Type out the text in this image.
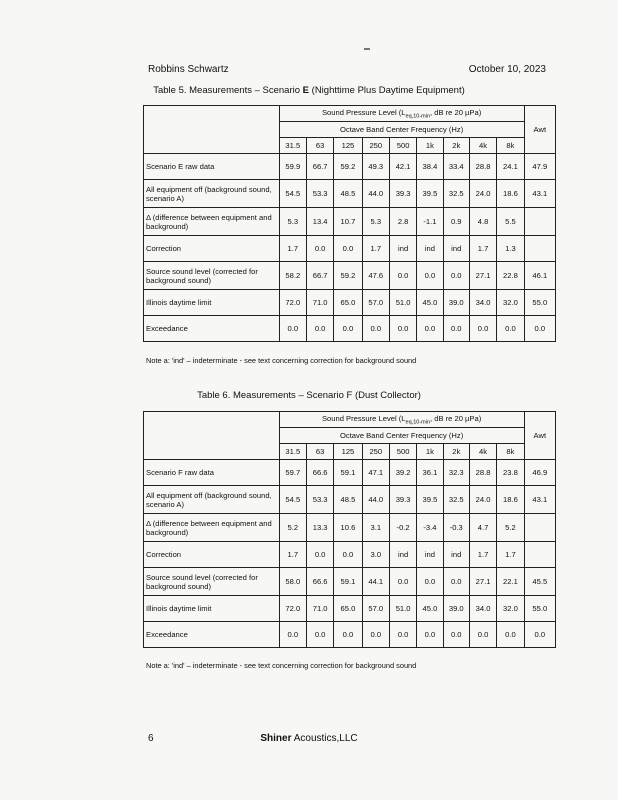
Robbins Schwartz	October 10, 2023
Table 5. Measurements – Scenario E (Nighttime Plus Daytime Equipment)
	Sound Pressure Level ($L_{eq,10-min}$, dB re 20 µPa)									Awt
	Octave Band Center Frequency (Hz)									
	31.5	63	125	250	500	1k	2k	4k	8k	
Scenario E raw data	59.9	66.7	59.2	49.3	42.1	38.4	33.4	28.8	24.1	47.9
All equipment off (background sound, scenario A)	54.5	53.3	48.5	44.0	39.3	39.5	32.5	24.0	18.6	43.1
Δ (difference between equipment and background)	5.3	13.4	10.7	5.3	2.8	-1.1	0.9	4.8	5.5	
Correction	1.7	0.0	0.0	1.7	ind	ind	ind	1.7	1.3	
Source sound level (corrected for background sound)	58.2	66.7	59.2	47.6	0.0	0.0	0.0	27.1	22.8	46.1
Illinois daytime limit	72.0	71.0	65.0	57.0	51.0	45.0	39.0	34.0	32.0	55.0
Exceedance	0.0	0.0	0.0	0.0	0.0	0.0	0.0	0.0	0.0	0.0
Note a: 'ind' – indeterminate - see text concerning correction for background sound
Table 6. Measurements – Scenario F (Dust Collector)
	Sound Pressure Level ($L_{eq,10-min}$, dB re 20 µPa)									Awt
	Octave Band Center Frequency (Hz)									
	31.5	63	125	250	500	1k	2k	4k	8k	
Scenario F raw data	59.7	66.6	59.1	47.1	39.2	36.1	32.3	28.8	23.8	46.9
All equipment off (background sound, scenario A)	54.5	53.3	48.5	44.0	39.3	39.5	32.5	24.0	18.6	43.1
Δ (difference between equipment and background)	5.2	13.3	10.6	3.1	-0.2	-3.4	-0.3	4.7	5.2	
Correction	1.7	0.0	0.0	3.0	ind	ind	ind	1.7	1.7	
Source sound level (corrected for background sound)	58.0	66.6	59.1	44.1	0.0	0.0	0.0	27.1	22.1	45.5
Illinois daytime limit	72.0	71.0	65.0	57.0	51.0	45.0	39.0	34.0	32.0	55.0
Exceedance	0.0	0.0	0.0	0.0	0.0	0.0	0.0	0.0	0.0	0.0
Note a: 'ind' – indeterminate - see text concerning correction for background sound
6	Shiner Acoustics,LLC
